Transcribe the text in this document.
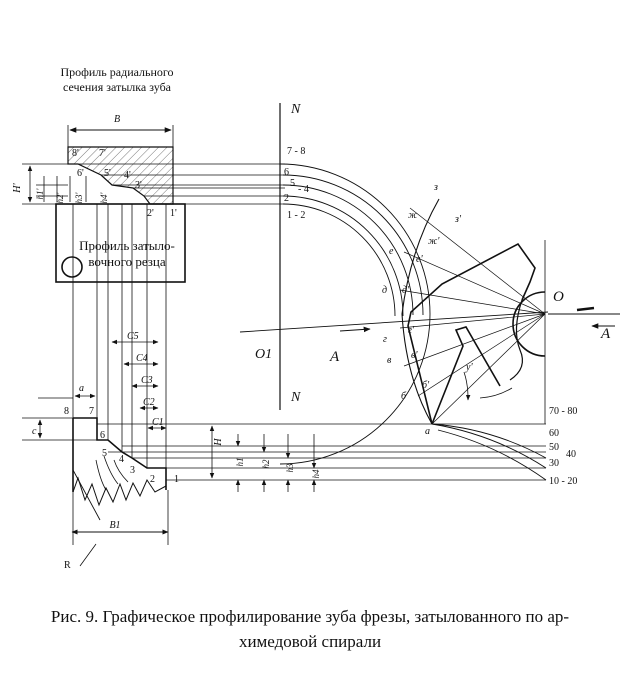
Профиль радиального
сечения затылка зуба
B
Профиль затыло-
вочного резца
H'
h1' h2' h3' h4'
8' 7'
6' 5' 4'
3'
2' 1'
7 - 8
6
5
- 4
2
1 - 2
N
N
O
O1	A
A
з
з'
ж
ж'
е
е'
д д'
г
г'
в в'
б
б'
а
у'
C5
C4
C3
C2
C1
a
c
B1
R
8 7
6
5
4
3
2 1
H
h1 h2 h3
h4
70 - 80
60
50
40
30
10 - 20
Рис. 9. Графическое профилирование зуба фрезы, затылованного по ар-
химедовой спирали
